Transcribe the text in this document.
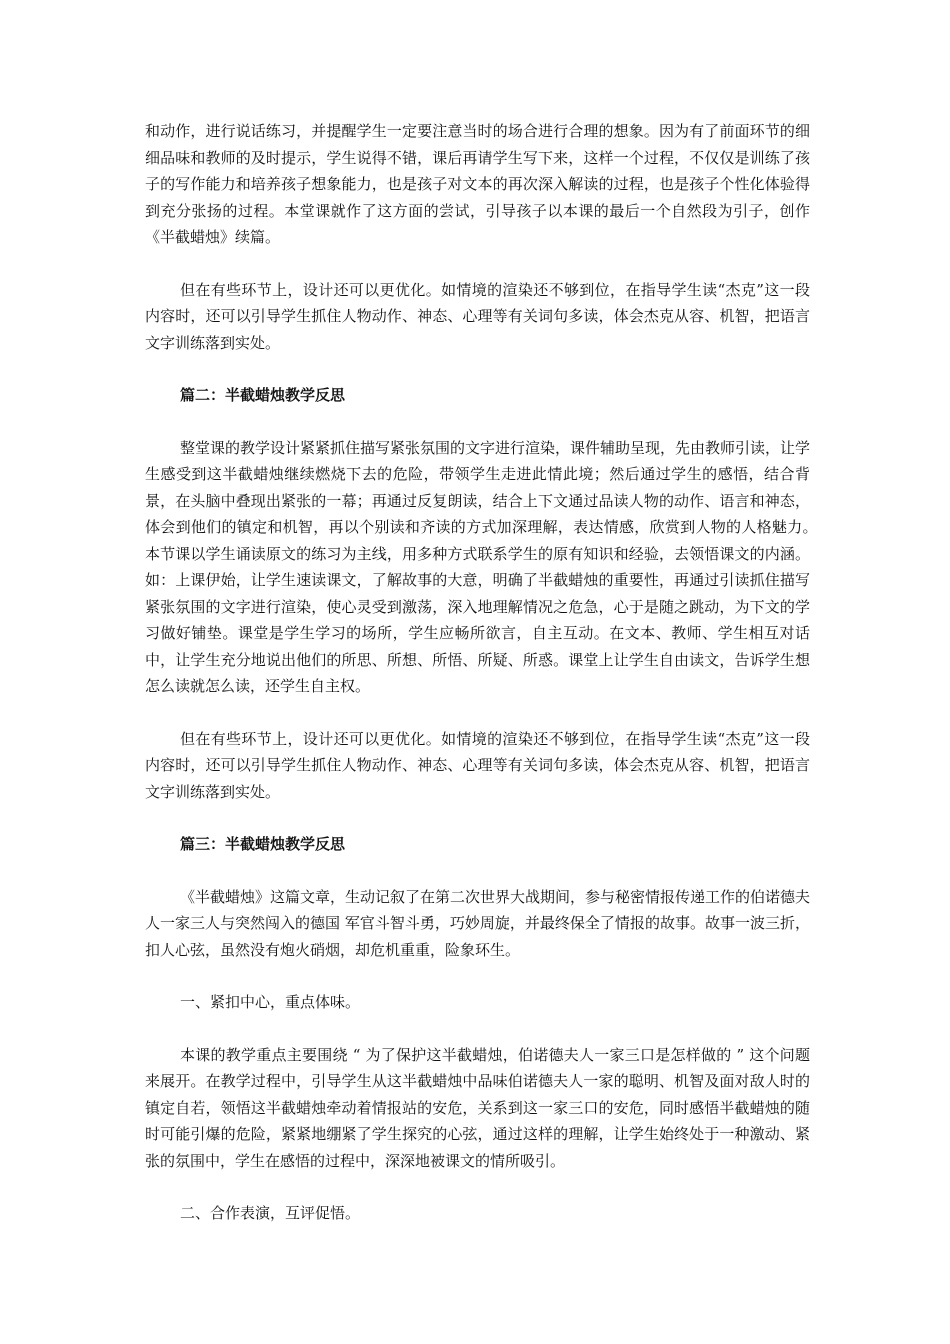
和动作，进行说话练习，并提醒学生一定要注意当时的场合进行合理的想象。因为有了前面环节的细细品味和教师的及时提示，学生说得不错，课后再请学生写下来，这样一个过程，不仅仅是训练了孩子的写作能力和培养孩子想象能力，也是孩子对文本的再次深入解读的过程，也是孩子个性化体验得到充分张扬的过程。本堂课就作了这方面的尝试，引导孩子以本课的最后一个自然段为引子，创作《半截蜡烛》续篇。

但在有些环节上，设计还可以更优化。如情境的渲染还不够到位，在指导学生读“杰克”这一段内容时，还可以引导学生抓住人物动作、神态、心理等有关词句多读，体会杰克从容、机智，把语言文字训练落到实处。

篇二：半截蜡烛教学反思

整堂课的教学设计紧紧抓住描写紧张氛围的文字进行渲染，课件辅助呈现，先由教师引读，让学生感受到这半截蜡烛继续燃烧下去的危险，带领学生走进此情此境；然后通过学生的感悟，结合背景，在头脑中叠现出紧张的一幕；再通过反复朗读，结合上下文通过品读人物的动作、语言和神态，体会到他们的镇定和机智，再以个别读和齐读的方式加深理解，表达情感，欣赏到人物的人格魅力。　本节课以学生诵读原文的练习为主线，用多种方式联系学生的原有知识和经验，去领悟课文的内涵。如：上课伊始，让学生速读课文，了解故事的大意，明确了半截蜡烛的重要性，再通过引读抓住描写紧张氛围的文字进行渲染，使心灵受到激荡，深入地理解情况之危急，心于是随之跳动，为下文的学习做好铺垫。课堂是学生学习的场所，学生应畅所欲言，自主互动。在文本、教师、学生相互对话中，让学生充分地说出他们的所思、所想、所悟、所疑、所惑。课堂上让学生自由读文，告诉学生想怎么读就怎么读，还学生自主权。

但在有些环节上，设计还可以更优化。如情境的渲染还不够到位，在指导学生读“杰克”这一段内容时，还可以引导学生抓住人物动作、神态、心理等有关词句多读，体会杰克从容、机智，把语言文字训练落到实处。

篇三：半截蜡烛教学反思

《半截蜡烛》这篇文章，生动记叙了在第二次世界大战期间，参与秘密情报传递工作的伯诺德夫人一家三人与突然闯入的德国 军官斗智斗勇，巧妙周旋，并最终保全了情报的故事。故事一波三折，扣人心弦，虽然没有炮火硝烟，却危机重重，险象环生。

一、紧扣中心，重点体味。

本课的教学重点主要围绕 “ 为了保护这半截蜡烛，伯诺德夫人一家三口是怎样做的 ” 这个问题来展开。在教学过程中，引导学生从这半截蜡烛中品味伯诺德夫人一家的聪明、机智及面对敌人时的镇定自若，领悟这半截蜡烛牵动着情报站的安危，关系到这一家三口的安危，同时感悟半截蜡烛的随时可能引爆的危险，紧紧地绷紧了学生探究的心弦，通过这样的理解，让学生始终处于一种激动、紧张的氛围中，学生在感悟的过程中，深深地被课文的情所吸引。

二、合作表演，互评促悟。
